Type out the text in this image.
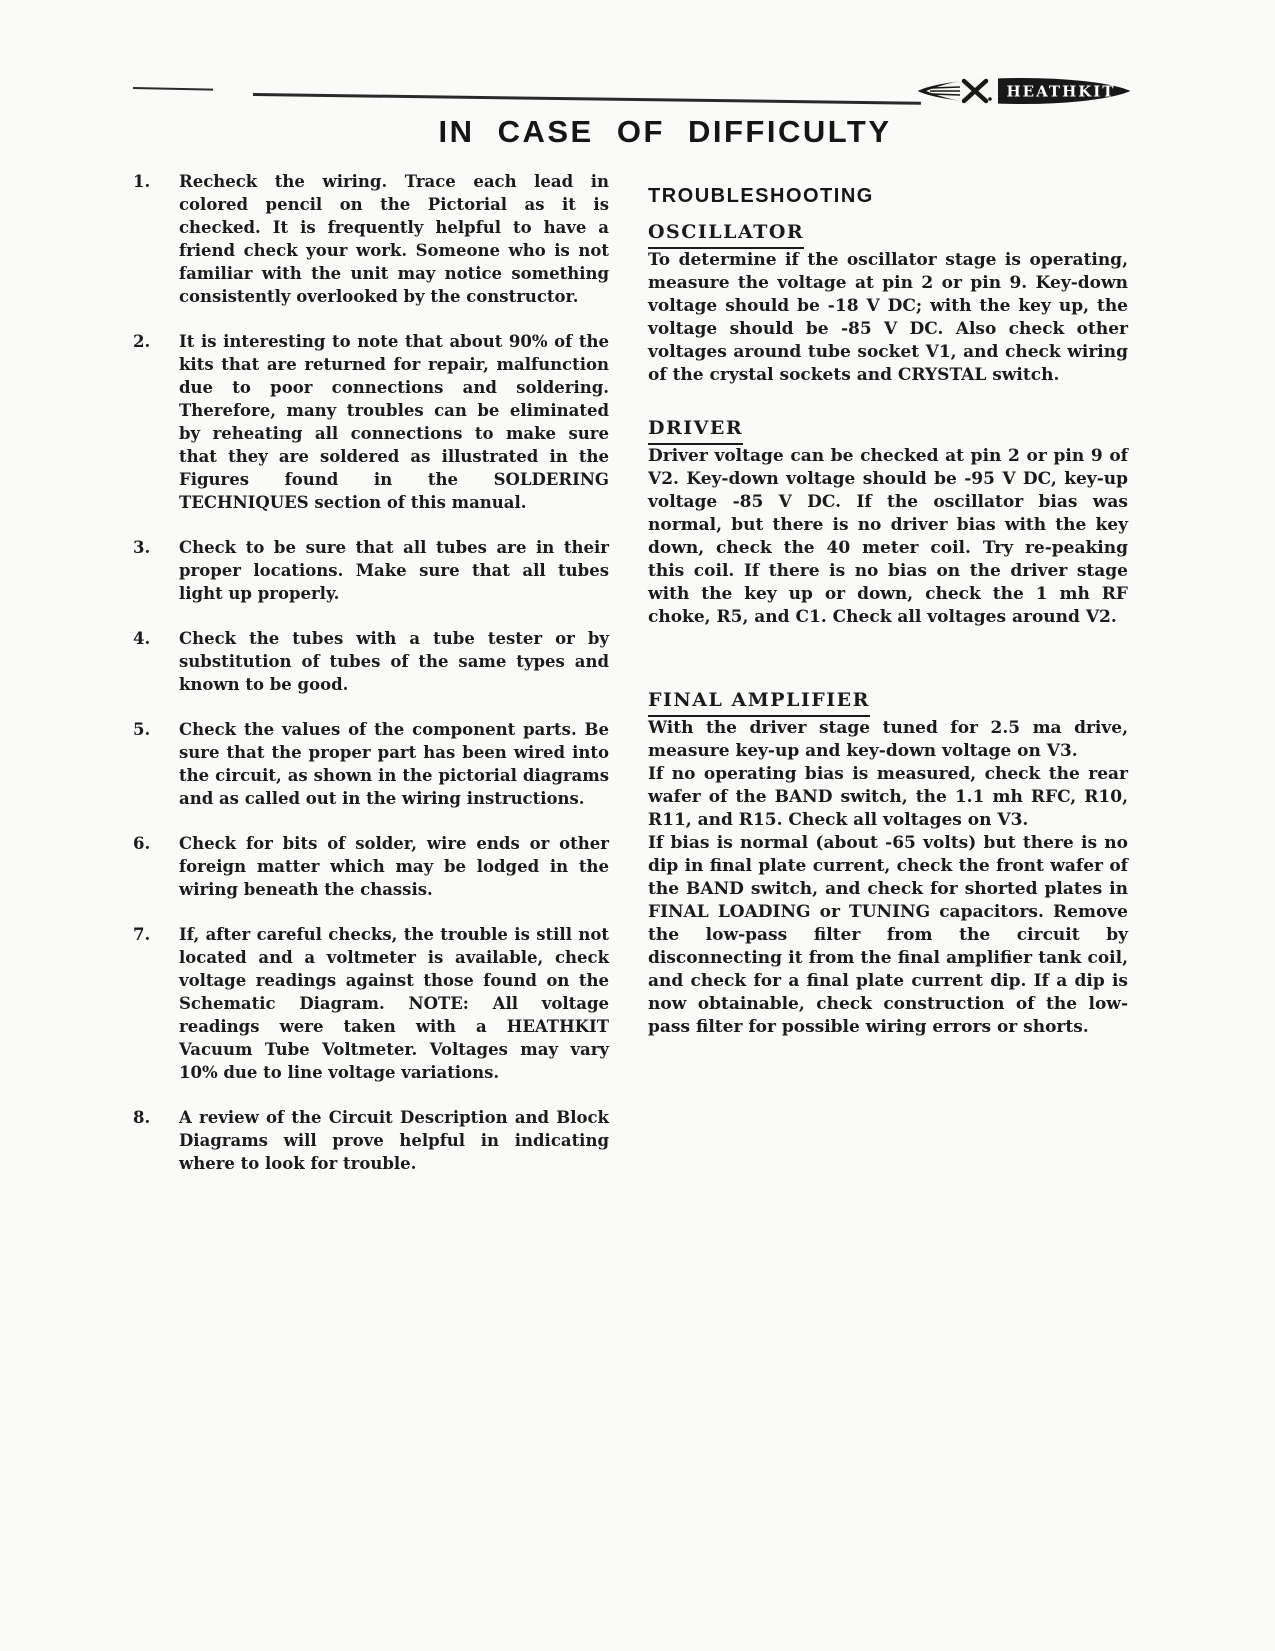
HEATHKIT
IN CASE OF DIFFICULTY
1.	Recheck the wiring. Trace each lead in colored pencil on the Pictorial as it is checked. It is frequently helpful to have a friend check your work. Someone who is not familiar with the unit may notice something consistently overlooked by the constructor.
2.	It is interesting to note that about 90% of the kits that are returned for repair, malfunction due to poor connections and soldering. Therefore, many troubles can be eliminated by reheating all connections to make sure that they are soldered as illustrated in the Figures found in the SOLDERING TECHNIQUES section of this manual.
3.	Check to be sure that all tubes are in their proper locations. Make sure that all tubes light up properly.
4.	Check the tubes with a tube tester or by substitution of tubes of the same types and known to be good.
5.	Check the values of the component parts. Be sure that the proper part has been wired into the circuit, as shown in the pictorial diagrams and as called out in the wiring instructions.
6.	Check for bits of solder, wire ends or other foreign matter which may be lodged in the wiring beneath the chassis.
7.	If, after careful checks, the trouble is still not located and a voltmeter is available, check voltage readings against those found on the Schematic Diagram. NOTE: All voltage readings were taken with a HEATHKIT Vacuum Tube Voltmeter. Voltages may vary 10% due to line voltage variations.
8.	A review of the Circuit Description and Block Diagrams will prove helpful in indicating where to look for trouble.
TROUBLESHOOTING
OSCILLATOR

To determine if the oscillator stage is operating, measure the voltage at pin 2 or pin 9. Key-down voltage should be -18 V DC; with the key up, the voltage should be -85 V DC. Also check other voltages around tube socket V1, and check wiring of the crystal sockets and CRYSTAL switch.

DRIVER

Driver voltage can be checked at pin 2 or pin 9 of V2. Key-down voltage should be -95 V DC, key-up voltage -85 V DC. If the oscillator bias was normal, but there is no driver bias with the key down, check the 40 meter coil. Try re-peaking this coil. If there is no bias on the driver stage with the key up or down, check the 1 mh RF choke, R5, and C1. Check all voltages around V2.

FINAL AMPLIFIER

With the driver stage tuned for 2.5 ma drive, measure key-up and key-down voltage on V3.

If no operating bias is measured, check the rear wafer of the BAND switch, the 1.1 mh RFC, R10, R11, and R15. Check all voltages on V3.

If bias is normal (about -65 volts) but there is no dip in final plate current, check the front wafer of the BAND switch, and check for shorted plates in FINAL LOADING or TUNING capacitors. Remove the low-pass filter from the circuit by disconnecting it from the final amplifier tank coil, and check for a final plate current dip. If a dip is now obtainable, check construction of the low-pass filter for possible wiring errors or shorts.
